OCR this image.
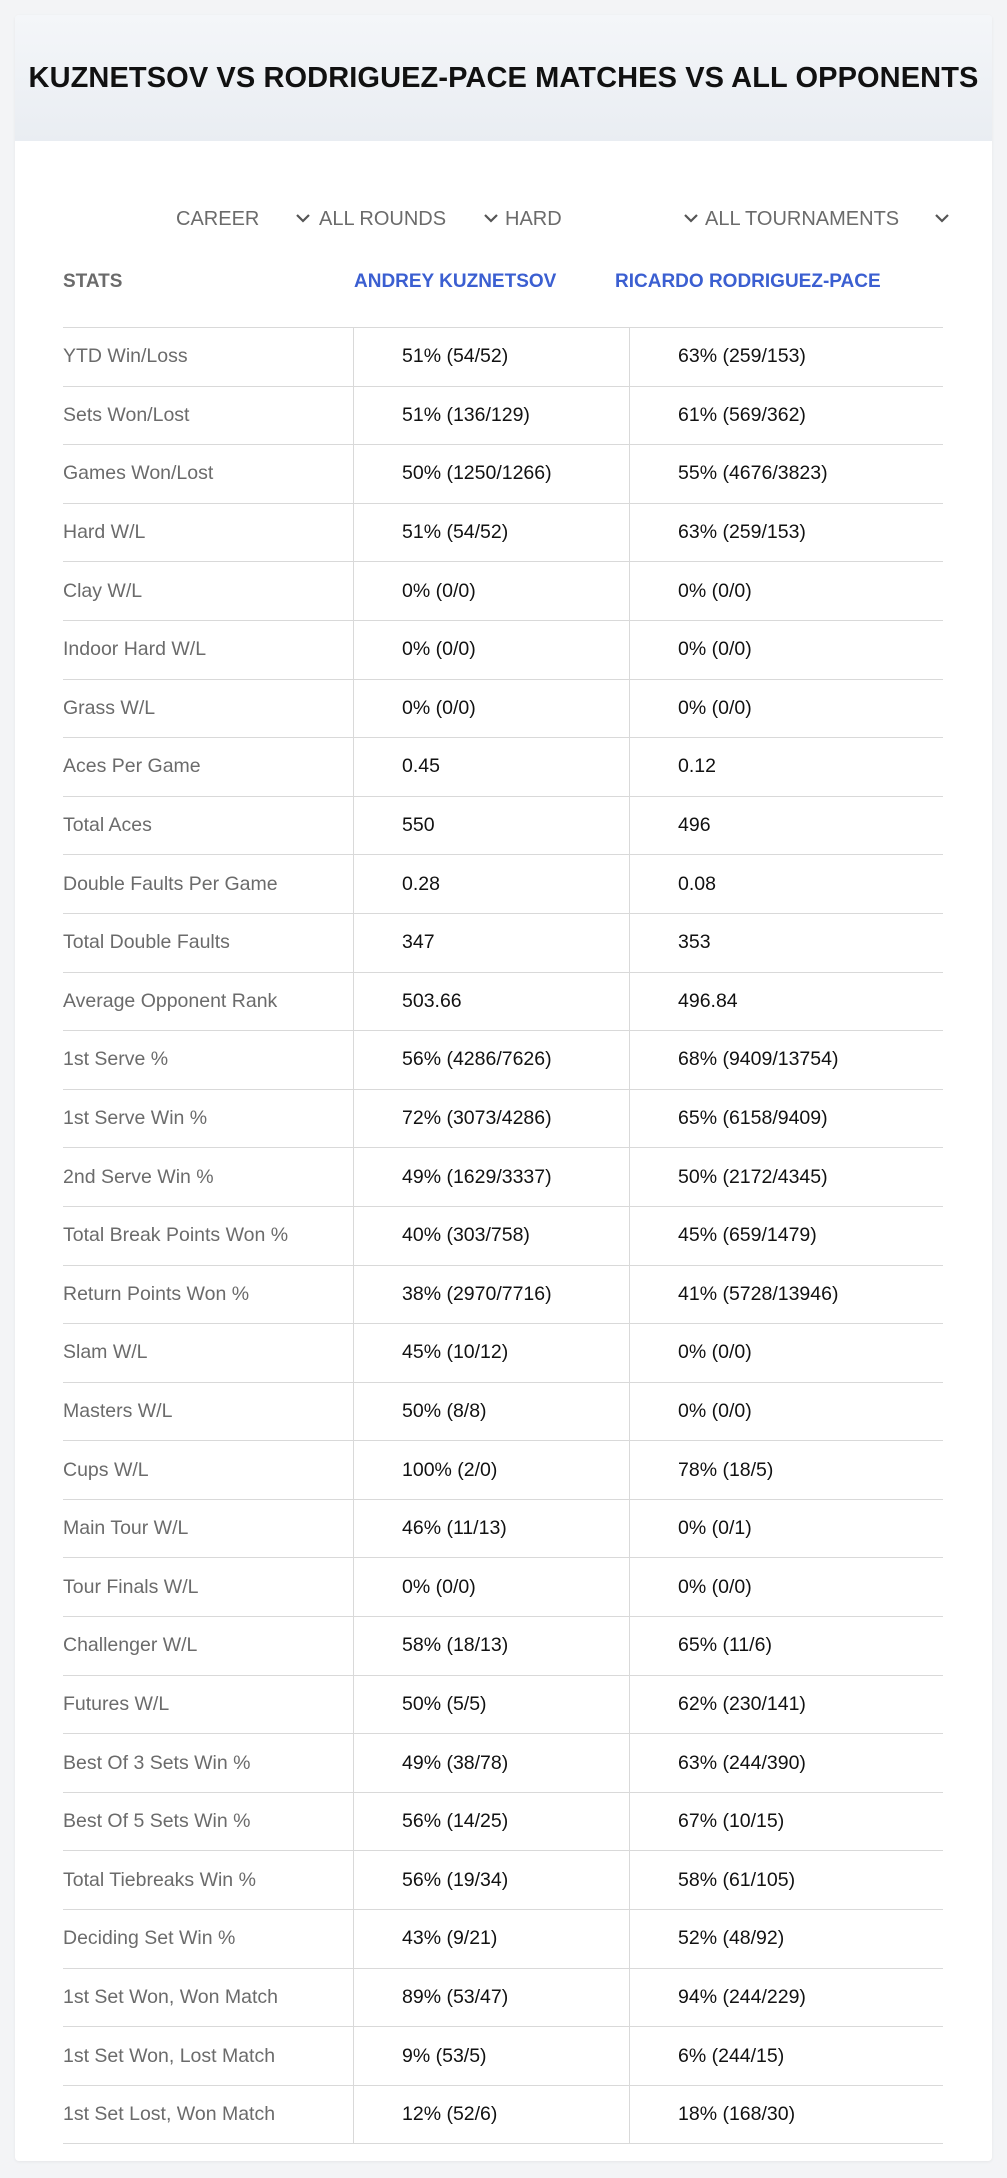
KUZNETSOV VS RODRIGUEZ-PACE MATCHES VS ALL OPPONENTS
CAREER	ALL ROUNDS	HARD	ALL TOURNAMENTS
STATS	ANDREY KUZNETSOV	RICARDO RODRIGUEZ-PACE
YTD Win/Loss	51% (54/52)	63% (259/153)
Sets Won/Lost	51% (136/129)	61% (569/362)
Games Won/Lost	50% (1250/1266)	55% (4676/3823)
Hard W/L	51% (54/52)	63% (259/153)
Clay W/L	0% (0/0)	0% (0/0)
Indoor Hard W/L	0% (0/0)	0% (0/0)
Grass W/L	0% (0/0)	0% (0/0)
Aces Per Game	0.45	0.12
Total Aces	550	496
Double Faults Per Game	0.28	0.08
Total Double Faults	347	353
Average Opponent Rank	503.66	496.84
1st Serve %	56% (4286/7626)	68% (9409/13754)
1st Serve Win %	72% (3073/4286)	65% (6158/9409)
2nd Serve Win %	49% (1629/3337)	50% (2172/4345)
Total Break Points Won %	40% (303/758)	45% (659/1479)
Return Points Won %	38% (2970/7716)	41% (5728/13946)
Slam W/L	45% (10/12)	0% (0/0)
Masters W/L	50% (8/8)	0% (0/0)
Cups W/L	100% (2/0)	78% (18/5)
Main Tour W/L	46% (11/13)	0% (0/1)
Tour Finals W/L	0% (0/0)	0% (0/0)
Challenger W/L	58% (18/13)	65% (11/6)
Futures W/L	50% (5/5)	62% (230/141)
Best Of 3 Sets Win %	49% (38/78)	63% (244/390)
Best Of 5 Sets Win %	56% (14/25)	67% (10/15)
Total Tiebreaks Win %	56% (19/34)	58% (61/105)
Deciding Set Win %	43% (9/21)	52% (48/92)
1st Set Won, Won Match	89% (53/47)	94% (244/229)
1st Set Won, Lost Match	9% (53/5)	6% (244/15)
1st Set Lost, Won Match	12% (52/6)	18% (168/30)
